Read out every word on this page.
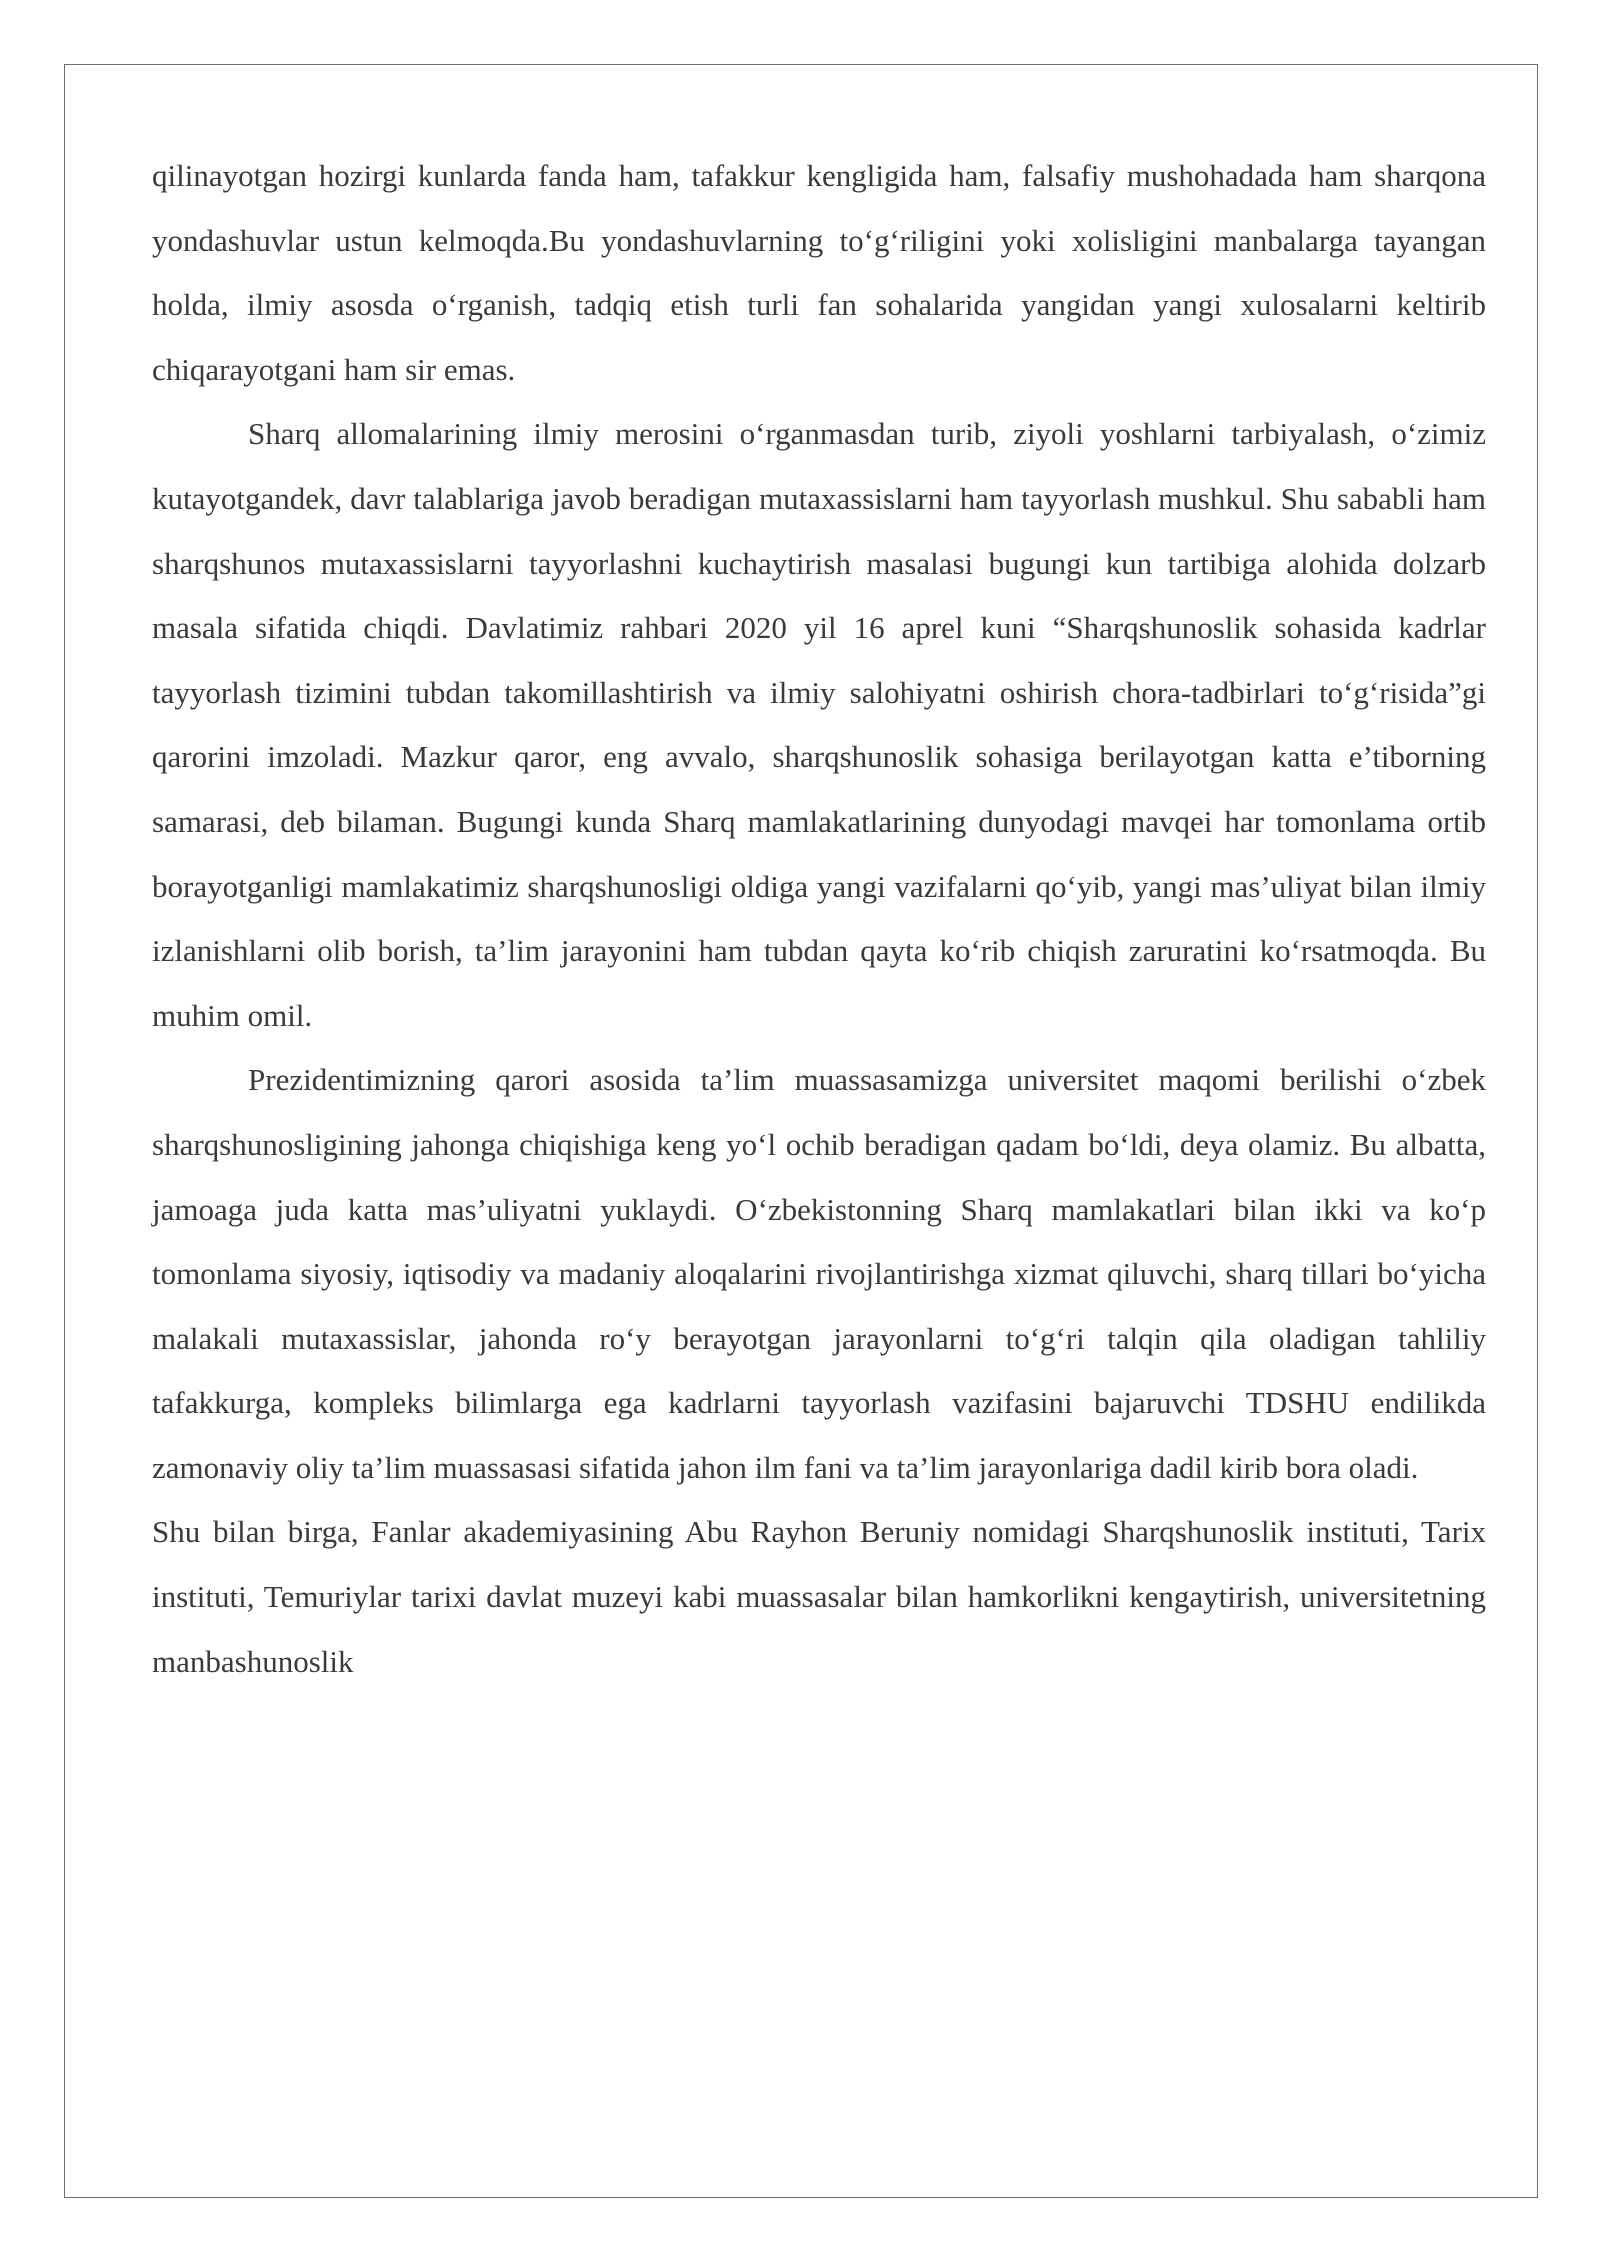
qilinayotgan hozirgi kunlarda fanda ham, tafakkur kengligida ham, falsafiy mushohadada ham sharqona yondashuvlar ustun kelmoqda.Bu yondashuvlarning to‘g‘riligini yoki xolisligini manbalarga tayangan holda, ilmiy asosda o‘rganish, tadqiq etish turli fan sohalarida yangidan yangi xulosalarni keltirib chiqarayotgani ham sir emas.

Sharq allomalarining ilmiy merosini o‘rganmasdan turib, ziyoli yoshlarni tarbiyalash, o‘zimiz kutayotgandek, davr talablariga javob beradigan mutaxassislarni ham tayyorlash mushkul. Shu sababli ham sharqshunos mutaxassislarni tayyorlashni kuchaytirish masalasi bugungi kun tartibiga alohida dolzarb masala sifatida chiqdi. Davlatimiz rahbari 2020 yil 16 aprel kuni “Sharqshunoslik sohasida kadrlar tayyorlash tizimini tubdan takomillashtirish va ilmiy salohiyatni oshirish chora-tadbirlari to‘g‘risida”gi qarorini imzoladi. Mazkur qaror, eng avvalo, sharqshunoslik sohasiga berilayotgan katta e’tiborning samarasi, deb bilaman. Bugungi kunda Sharq mamlakatlarining dunyodagi mavqei har tomonlama ortib borayotganligi mamlakatimiz sharqshunosligi oldiga yangi vazifalarni qo‘yib, yangi mas’uliyat bilan ilmiy izlanishlarni olib borish, ta’lim jarayonini ham tubdan qayta ko‘rib chiqish zaruratini ko‘rsatmoqda. Bu muhim omil.

Prezidentimizning qarori asosida ta’lim muassasamizga universitet maqomi berilishi o‘zbek sharqshunosligining jahonga chiqishiga keng yo‘l ochib beradigan qadam bo‘ldi, deya olamiz. Bu albatta, jamoaga juda katta mas’uliyatni yuklaydi. O‘zbekistonning Sharq mamlakatlari bilan ikki va ko‘p tomonlama siyosiy, iqtisodiy va madaniy aloqalarini rivojlantirishga xizmat qiluvchi, sharq tillari bo‘yicha malakali mutaxassislar, jahonda ro‘y berayotgan jarayonlarni to‘g‘ri talqin qila oladigan tahliliy tafakkurga, kompleks bilimlarga ega kadrlarni tayyorlash vazifasini bajaruvchi TDSHU endilikda zamonaviy oliy ta’lim muassasasi sifatida jahon ilm fani va ta’lim jarayonlariga dadil kirib bora oladi.

Shu bilan birga, Fanlar akademiyasining Abu Rayhon Beruniy nomidagi Sharqshunoslik instituti, Tarix instituti, Temuriylar tarixi davlat muzeyi kabi muassasalar bilan hamkorlikni kengaytirish, universitetning manbashunoslik
